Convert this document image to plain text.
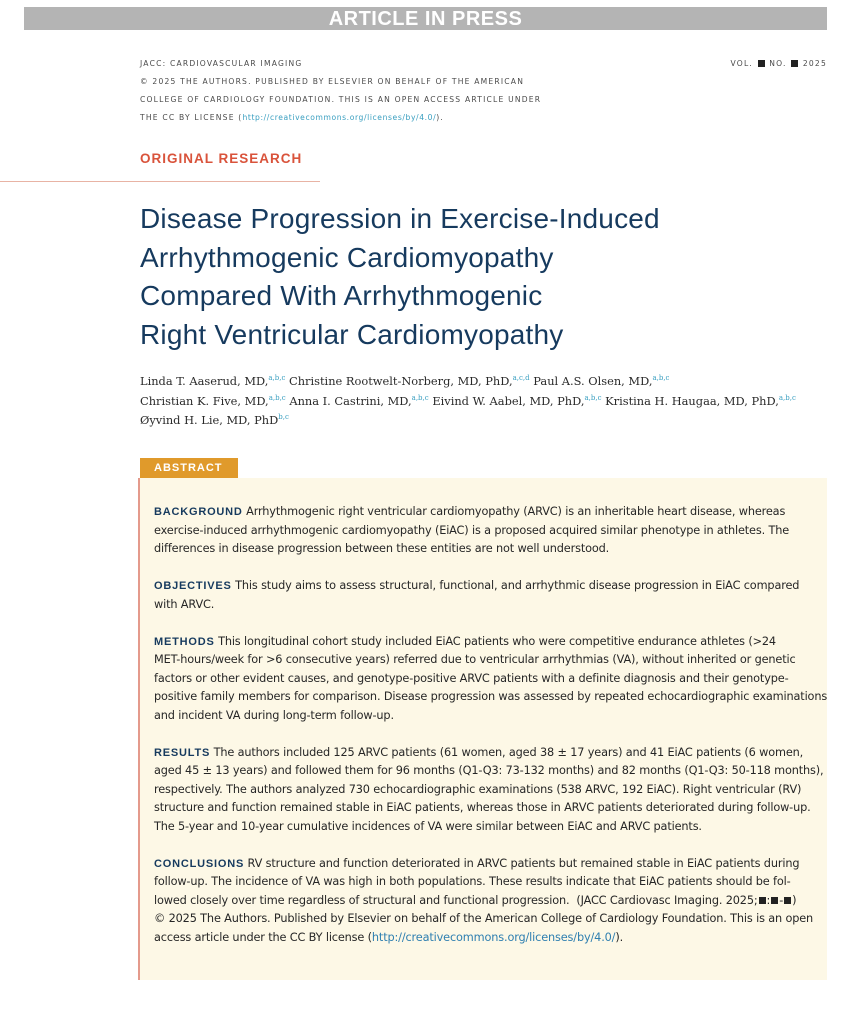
ARTICLE IN PRESS
JACC: CARDIOVASCULAR IMAGING
© 2025 THE AUTHORS. PUBLISHED BY ELSEVIER ON BEHALF OF THE AMERICAN
COLLEGE OF CARDIOLOGY FOUNDATION. THIS IS AN OPEN ACCESS ARTICLE UNDER
THE CC BY LICENSE (http://creativecommons.org/licenses/by/4.0/).
VOL. NO. 2025
ORIGINAL RESEARCH
Disease Progression in Exercise-Induced
Arrhythmogenic Cardiomyopathy
Compared With Arrhythmogenic
Right Ventricular Cardiomyopathy
Linda T. Aaserud, MD,$^{a,b,c}$ Christine Rootwelt-Norberg, MD, PhD,$^{a,c,d}$ Paul A.S. Olsen, MD,$^{a,b,c}$
Christian K. Five, MD,$^{a,b,c}$ Anna I. Castrini, MD,$^{a,b,c}$ Eivind W. Aabel, MD, PhD,$^{a,b,c}$ Kristina H. Haugaa, MD, PhD,$^{a,b,c}$
Øyvind H. Lie, MD, PhD$^{b,c}$
ABSTRACT
BACKGROUND Arrhythmogenic right ventricular cardiomyopathy (ARVC) is an inheritable heart disease, whereas
exercise-induced arrhythmogenic cardiomyopathy (EiAC) is a proposed acquired similar phenotype in athletes. The
differences in disease progression between these entities are not well understood.
OBJECTIVES This study aims to assess structural, functional, and arrhythmic disease progression in EiAC compared
with ARVC.
METHODS This longitudinal cohort study included EiAC patients who were competitive endurance athletes (>24
MET-hours/week for >6 consecutive years) referred due to ventricular arrhythmias (VA), without inherited or genetic
factors or other evident causes, and genotype-positive ARVC patients with a definite diagnosis and their genotype-
positive family members for comparison. Disease progression was assessed by repeated echocardiographic examinations
and incident VA during long-term follow-up.
RESULTS The authors included 125 ARVC patients (61 women, aged 38 ± 17 years) and 41 EiAC patients (6 women,
aged 45 ± 13 years) and followed them for 96 months (Q1-Q3: 73-132 months) and 82 months (Q1-Q3: 50-118 months),
respectively. The authors analyzed 730 echocardiographic examinations (538 ARVC, 192 EiAC). Right ventricular (RV)
structure and function remained stable in EiAC patients, whereas those in ARVC patients deteriorated during follow-up.
The 5-year and 10-year cumulative incidences of VA were similar between EiAC and ARVC patients.
CONCLUSIONS RV structure and function deteriorated in ARVC patients but remained stable in EiAC patients during
follow-up. The incidence of VA was high in both populations. These results indicate that EiAC patients should be fol-
lowed closely over time regardless of structural and functional progression. (JACC Cardiovasc Imaging. 2025; : - )
© 2025 The Authors. Published by Elsevier on behalf of the American College of Cardiology Foundation. This is an open
access article under the CC BY license (http://creativecommons.org/licenses/by/4.0/).
